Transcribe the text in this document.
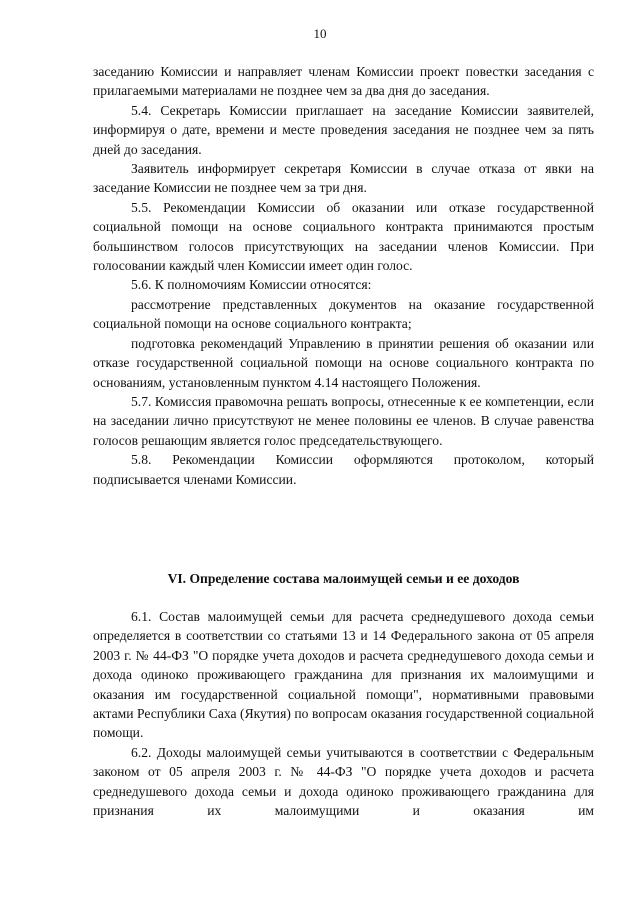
10

заседанию Комиссии и направляет членам Комиссии проект повестки заседания с прилагаемыми материалами не позднее чем за два дня до заседания.

5.4. Секретарь Комиссии приглашает на заседание Комиссии заявителей, информируя о дате, времени и месте проведения заседания не позднее чем за пять дней до заседания.

Заявитель информирует секретаря Комиссии в случае отказа от явки на заседание Комиссии не позднее чем за три дня.

5.5. Рекомендации Комиссии об оказании или отказе государственной социальной помощи на основе социального контракта принимаются простым большинством голосов присутствующих на заседании членов Комиссии. При голосовании каждый член Комиссии имеет один голос.

5.6. К полномочиям Комиссии относятся:

рассмотрение представленных документов на оказание государственной социальной помощи на основе социального контракта;

подготовка рекомендаций Управлению в принятии решения об оказании или отказе государственной социальной помощи на основе социального контракта по основаниям, установленным пунктом 4.14 настоящего Положения.

5.7. Комиссия правомочна решать вопросы, отнесенные к ее компетенции, если на заседании лично присутствуют не менее половины ее членов. В случае равенства голосов решающим является голос председательствующего.

5.8. Рекомендации Комиссии оформляются протоколом, который подписывается членами Комиссии.

VI. Определение состава малоимущей семьи и ее доходов

6.1. Состав малоимущей семьи для расчета среднедушевого дохода семьи определяется в соответствии со статьями 13 и 14 Федерального закона от 05 апреля 2003 г. № 44-ФЗ "О порядке учета доходов и расчета среднедушевого дохода семьи и дохода одиноко проживающего гражданина для признания их малоимущими и оказания им государственной социальной помощи", нормативными правовыми актами Республики Саха (Якутия) по вопросам оказания государственной социальной помощи.

6.2. Доходы малоимущей семьи учитываются в соответствии с Федеральным законом от 05 апреля 2003 г. № 44-ФЗ "О порядке учета доходов и расчета среднедушевого дохода семьи и дохода одиноко проживающего гражданина для признания их малоимущими и оказания им
